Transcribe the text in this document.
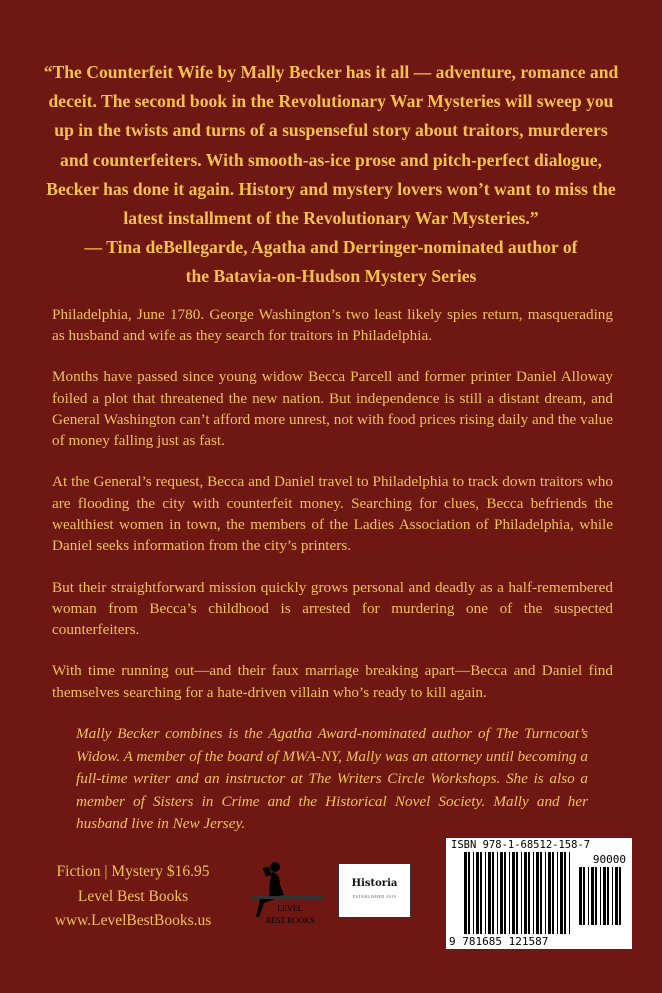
“The Counterfeit Wife by Mally Becker has it all — adventure, romance and deceit. The second book in the Revolutionary War Mysteries will sweep you up in the twists and turns of a suspenseful story about traitors, murderers and counterfeiters. With smooth-as-ice prose and pitch-perfect dialogue, Becker has done it again. History and mystery lovers won’t want to miss the latest installment of the Revolutionary War Mysteries.”

— Tina deBellegarde, Agatha and Derringer-nominated author of

the Batavia-on-Hudson Mystery Series

Philadelphia, June 1780. George Washington’s two least likely spies return, masquerading as husband and wife as they search for traitors in Philadelphia.

Months have passed since young widow Becca Parcell and former printer Daniel Alloway foiled a plot that threatened the new nation. But independence is still a distant dream, and General Washington can’t afford more unrest, not with food prices rising daily and the value of money falling just as fast.

At the General’s request, Becca and Daniel travel to Philadelphia to track down traitors who are flooding the city with counterfeit money. Searching for clues, Becca befriends the wealthiest women in town, the members of the Ladies Association of Philadelphia, while Daniel seeks information from the city’s printers.

But their straightforward mission quickly grows personal and deadly as a half-remembered woman from Becca’s childhood is arrested for murdering one of the suspected counterfeiters.

With time running out—and their faux marriage breaking apart—Becca and Daniel find themselves searching for a hate-driven villain who’s ready to kill again.

Mally Becker combines is the Agatha Award-nominated author of The Turncoat’s Widow. A member of the board of MWA-NY, Mally was an attorney until becoming a full-time writer and an instructor at The Writers Circle Workshops. She is also a member of Sisters in Crime and the Historical Novel Society. Mally and her husband live in New Jersey.
Fiction | Mystery $16.95
Level Best Books
www.LevelBestBooks.us
LEVEL
BEST BOOKS
Historia
ESTABLISHED 2019
ISBN 978-1-68512-158-7
90000
9 781685 121587
